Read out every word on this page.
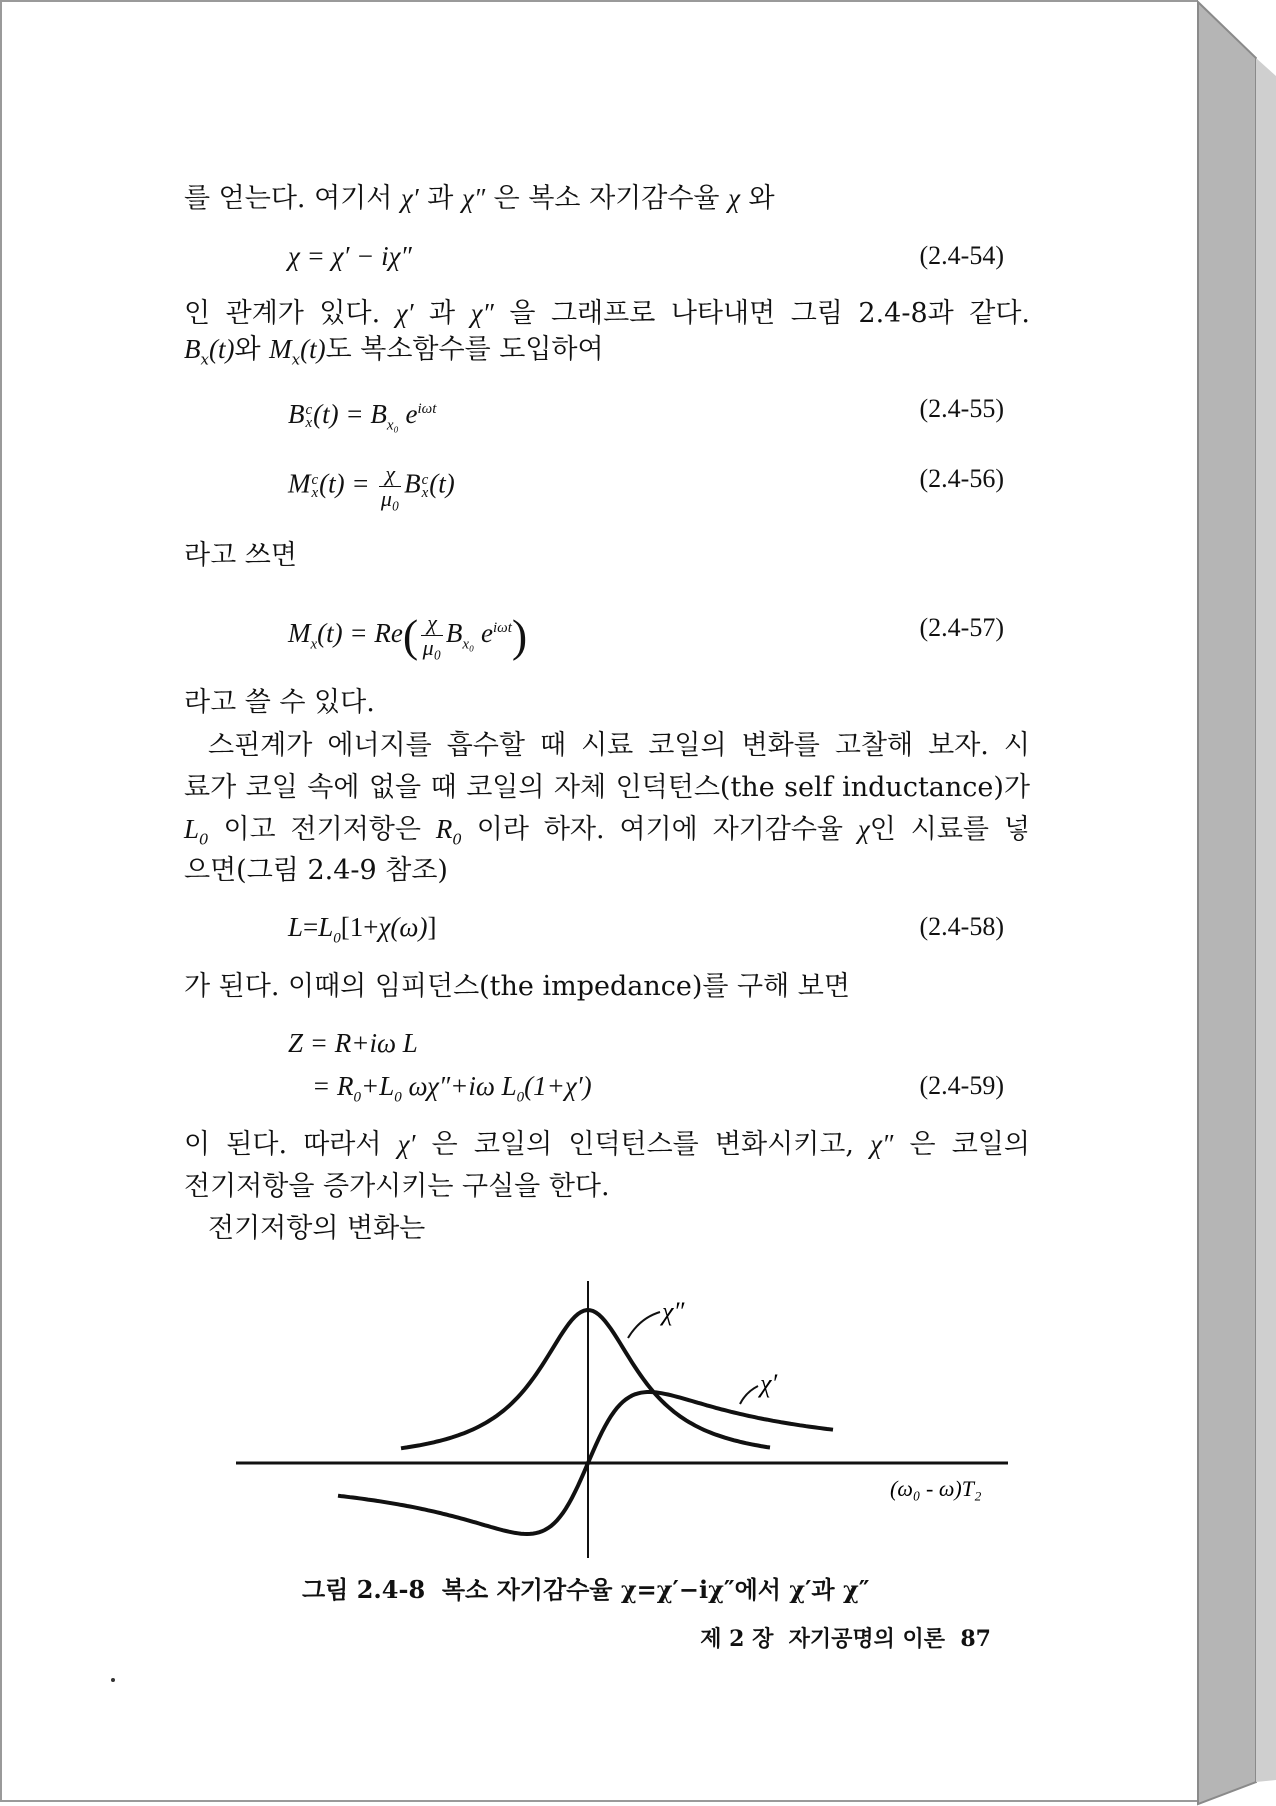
를 얻는다. 여기서 χ′ 과 χ″ 은 복소 자기감수율 χ 와
χ = χ′ − iχ″	(2.4-54)
인 관계가 있다. χ′ 과 χ″ 을 그래프로 나타내면 그림 2.4-8과 같다.
$B_x(t)$와 $M_x(t)$도 복소함수를 도입하여
B c
x $(t) = B_{x_0}$ $e^{i\omega t}$	(2.4-55)
M c
x $(t) = \frac{\chi}{\text{μ₀}}$ B c
x (t)	(2.4-56)
라고 쓰면
$M_x(t) = Re( \frac{\chi}{\text{μ₀}} B_{x_0}$ $e^{i\omega t}$)	(2.4-57)
라고 쓸 수 있다.
스핀계가 에너지를 흡수할 때 시료 코일의 변화를 고찰해 보자. 시
료가 코일 속에 없을 때 코일의 자체 인덕턴스(the self inductance)가
$L_0$ 이고 전기저항은 $R_0$ 이라 하자. 여기에 자기감수율 χ인 시료를 넣
으면(그림 2.4-9 참조)
$L=L_0[1+\chi(\omega)]$	(2.4-58)
가 된다. 이때의 임피던스(the impedance)를 구해 보면
Z = R+iω L
= $R_0+L_0$ ωχ″+iω $L_0(1+\chi')$	(2.4-59)
이 된다. 따라서 χ′ 은 코일의 인덕턴스를 변화시키고, χ″ 은 코일의
전기저항을 증가시키는 구실을 한다.
전기저항의 변화는
χ″
χ′
(ω₀ - ω)T₂
그림 2.4-8  복소 자기감수율 χ=χ′−iχ″에서 χ′과 χ″
제 2 장  자기공명의 이론  87
